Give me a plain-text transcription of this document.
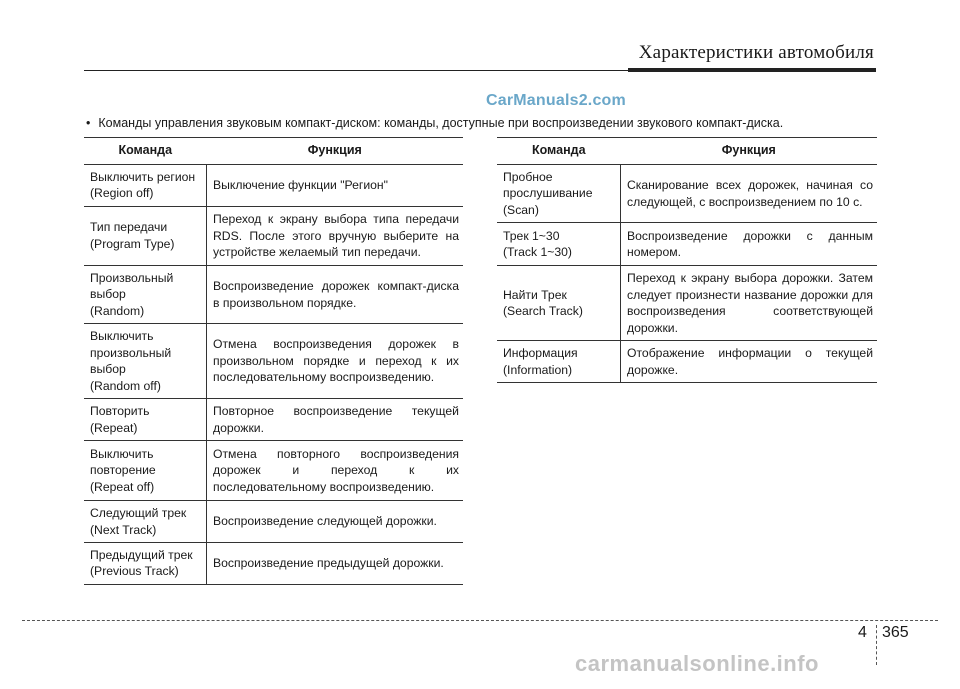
Характеристики автомобиля
CarManuals2.com
• Команды управления звуковым компакт-диском: команды, доступные при воспроизведении звукового компакт-диска.
Команда	Функция

Выключить регион
(Region off)	Выключение функции "Регион"

Тип передачи
(Program Type)	Переход к экрану выбора типа передачи RDS. После этого вручную выберите на устройстве желаемый тип передачи.

Произвольный выбор
(Random)	Воспроизведение дорожек компакт-диска в произвольном порядке.

Выключить произвольный выбор
(Random off)	Отмена воспроизведения дорожек в произвольном порядке и переход к их последовательному воспроизведению.

Повторить
(Repeat)	Повторное воспроизведение текущей дорожки.

Выключить повторение
(Repeat off)	Отмена повторного воспроизведения дорожек и переход к их последовательному воспроизведению.

Следующий трек
(Next Track)	Воспроизведение следующей дорожки.

Предыдущий трек
(Previous Track)	Воспроизведение предыдущей дорожки.
Команда	Функция

Пробное прослушивание
(Scan)	Сканирование всех дорожек, начиная со следующей, с воспроизведением по 10 с.

Трек 1~30
(Track 1~30)	Воспроизведение дорожки с данным номером.

Найти Трек
(Search Track)	Переход к экрану выбора дорожки. Затем следует произнести название дорожки для воспроизведения соответствующей дорожки.

Информация
(Information)	Отображение информации о текущей дорожке.
4 365
carmanualsonline.info
